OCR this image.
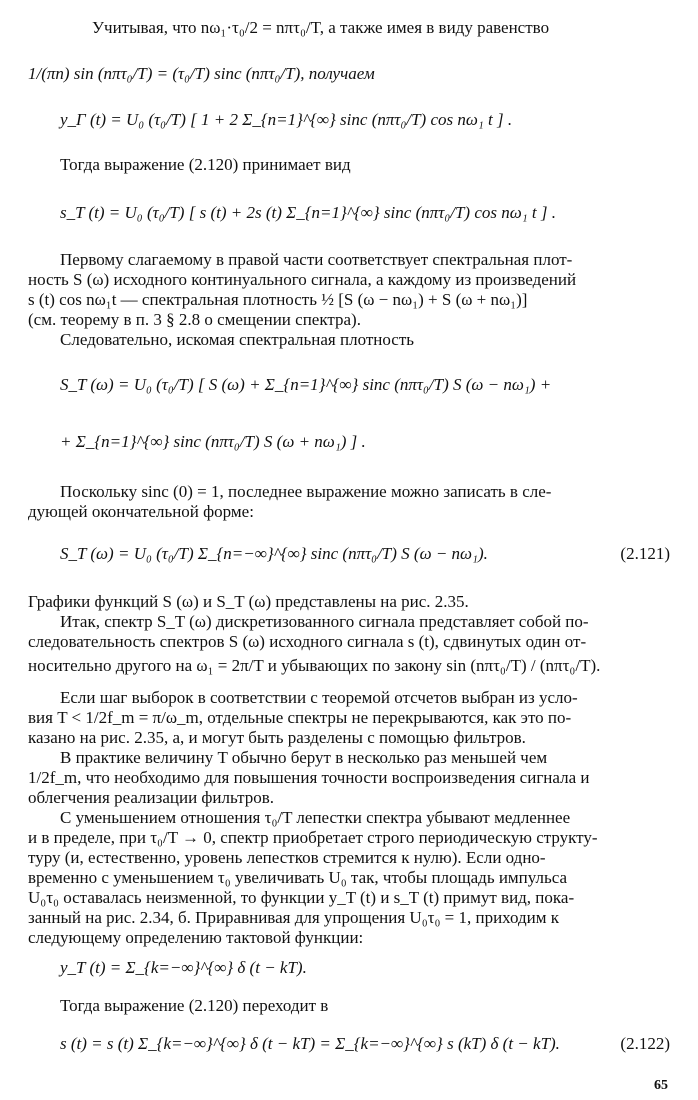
Учитывая, что nω₁·τ₀/2 = nπτ₀/T, а также имея в виду равенство
1/(πn) sin (nπτ₀/T) = (τ₀/T) sinc (nπτ₀/T), получаем
y_Г (t) = U₀ (τ₀/T) [ 1 + 2 Σ_{n=1}^{∞} sinc (nπτ₀/T) cos nω₁ t ] .
Тогда выражение (2.120) принимает вид
s_T (t) = U₀ (τ₀/T) [ s (t) + 2s (t) Σ_{n=1}^{∞} sinc (nπτ₀/T) cos nω₁ t ] .
Первому слагаемому в правой части соответствует спектральная плот-
ность S (ω) исходного континуального сигнала, а каждому из произведений
s (t) cos nω₁t — спектральная плотность ½ [S (ω − nω₁) + S (ω + nω₁)]
(см. теорему в п. 3 § 2.8 о смещении спектра).
Следовательно, искомая спектральная плотность
S_T (ω) = U₀ (τ₀/T) [ S (ω) + Σ_{n=1}^{∞} sinc (nπτ₀/T) S (ω − nω₁) +
+ Σ_{n=1}^{∞} sinc (nπτ₀/T) S (ω + nω₁) ] .
Поскольку sinc (0) = 1, последнее выражение можно записать в сле-
дующей окончательной форме:
S_T (ω) = U₀ (τ₀/T) Σ_{n=−∞}^{∞} sinc (nπτ₀/T) S (ω − nω₁).	(2.121)
Графики функций S (ω) и S_T (ω) представлены на рис. 2.35.
Итак, спектр S_T (ω) дискретизованного сигнала представляет собой по-
следовательность спектров S (ω) исходного сигнала s (t), сдвинутых один от-
носительно другого на ω₁ = 2π/T и убывающих по закону sin (nπτ₀/T) / (nπτ₀/T).
Если шаг выборок в соответствии с теоремой отсчетов выбран из усло-
вия T < 1/2f_m = π/ω_m, отдельные спектры не перекрываются, как это по-
казано на рис. 2.35, а, и могут быть разделены с помощью фильтров.
В практике величину T обычно берут в несколько раз меньшей чем
1/2f_m, что необходимо для повышения точности воспроизведения сигнала и
облегчения реализации фильтров.
С уменьшением отношения τ₀/T лепестки спектра убывают медленнее
и в пределе, при τ₀/T → 0, спектр приобретает строго периодическую структу-
туру (и, естественно, уровень лепестков стремится к нулю). Если одно-
временно с уменьшением τ₀ увеличивать U₀ так, чтобы площадь импульса
U₀τ₀ оставалась неизменной, то функции y_T (t) и s_T (t) примут вид, пока-
занный на рис. 2.34, б. Приравнивая для упрощения U₀τ₀ = 1, приходим к
следующему определению тактовой функции:
y_T (t) = Σ_{k=−∞}^{∞} δ (t − kT).
Тогда выражение (2.120) переходит в
s (t) = s (t) Σ_{k=−∞}^{∞} δ (t − kT) = Σ_{k=−∞}^{∞} s (kT) δ (t − kT).	(2.122)
65
